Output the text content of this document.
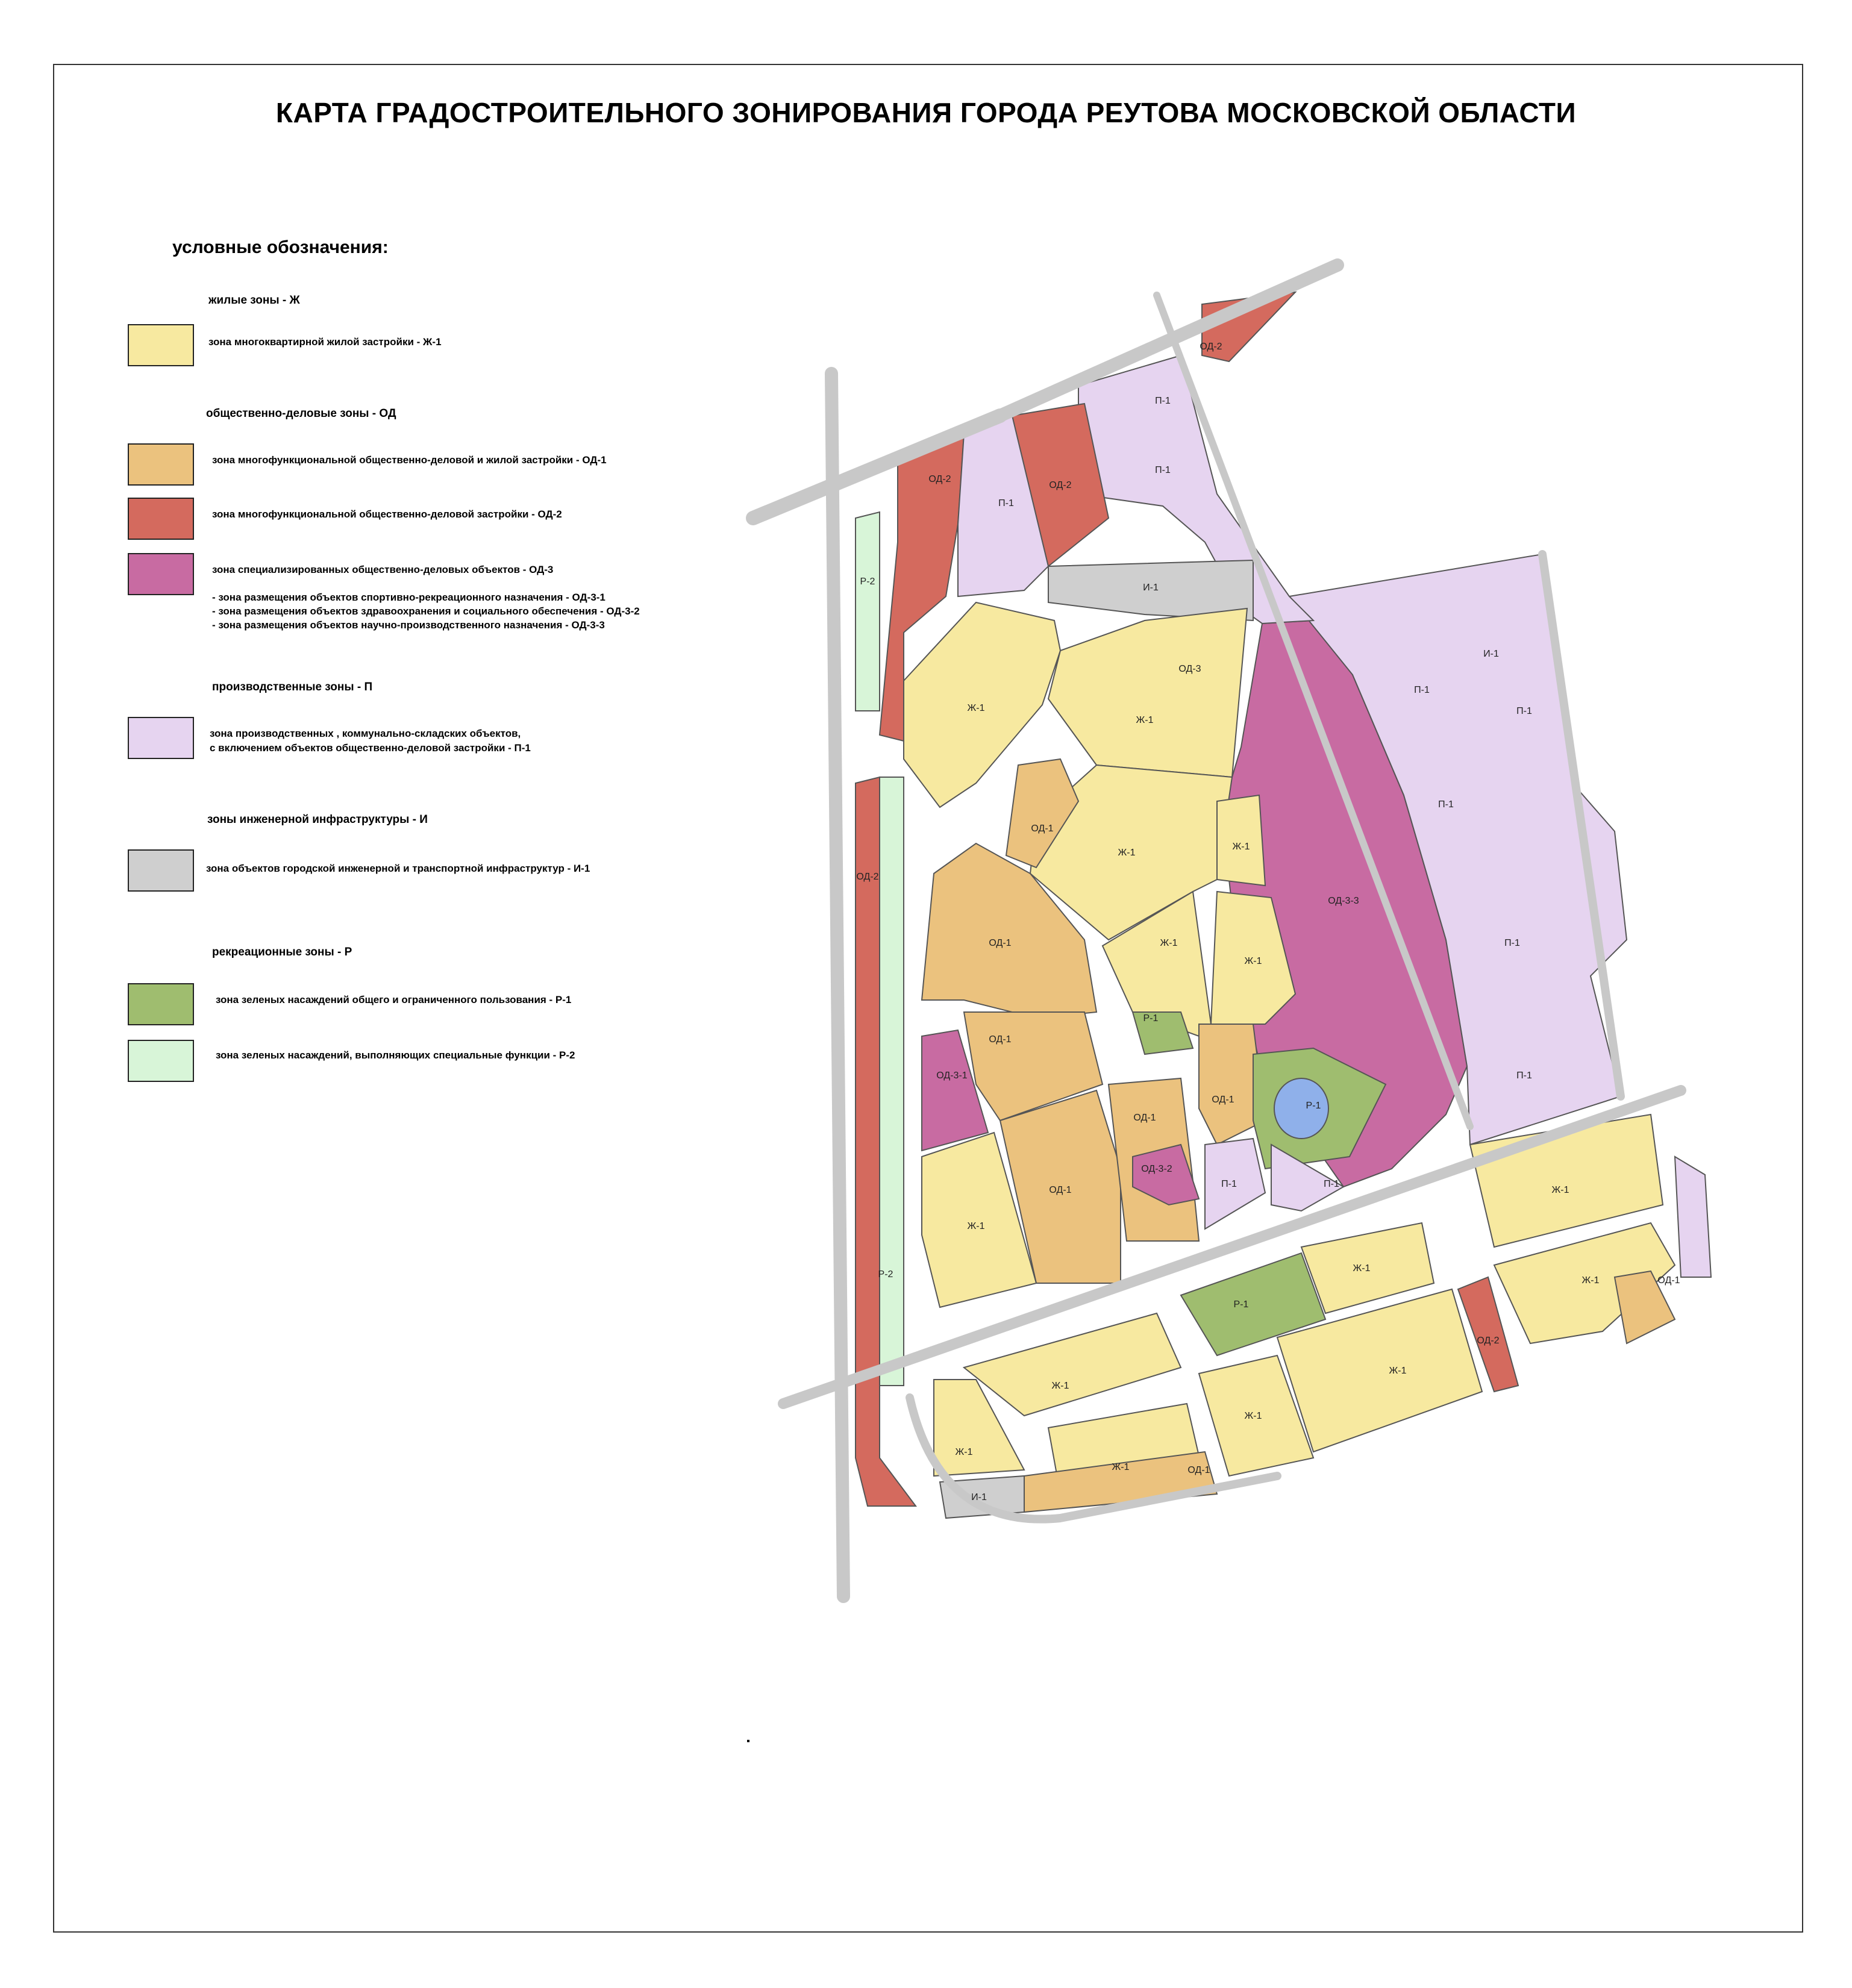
КАРТА ГРАДОСТРОИТЕЛЬНОГО ЗОНИРОВАНИЯ ГОРОДА РЕУТОВА МОСКОВСКОЙ ОБЛАСТИ
условные обозначения:
жилые зоны - Ж
зона многоквартирной жилой застройки - Ж-1
общественно-деловые зоны - ОД
зона многофункциональной общественно-деловой и жилой застройки - ОД-1
зона многофункциональной общественно-деловой застройки - ОД-2
зона специализированных общественно-деловых объектов - ОД-3
- зона размещения объектов спортивно-рекреационного назначения - ОД-3-1
- зона размещения объектов здравоохранения и социального обеспечения - ОД-3-2
- зона размещения объектов научно-производственного назначения - ОД-3-3
производственные зоны - П
зона производственных , коммунально-складских объектов,
с включением объектов общественно-деловой застройки - П-1
зоны инженерной инфраструктуры - И
зона объектов городской инженерной и транспортной инфраструктур - И-1
рекреационные зоны - Р
зона зеленых насаждений общего и ограниченного пользования - Р-1
зона зеленых насаждений, выполняющих специальные функции - Р-2
Ж-1
Ж-1
Ж-1
Ж-1
Ж-1
Ж-1
ОД-3-3
ОД-1
ОД-1
ОД-3-1
ОД-1
ОД-1
ОД-1
ОД-1
ОД-3-2
Р-1
Р-1
Ж-1
П-1	П-1
ОД-2
ОД-2
ОД-2
ОД-2
П-1
П-1
П-1
П-1
П-1
П-1
П-1
П-1
И-1
И-1
Р-2
Р-2
Ж-1
Ж-1
Ж-1
Ж-1
ОД-2
ОД-1
Р-1
Ж-1
Ж-1
Ж-1	ОД-1
Ж-1
И-1
ОД-3
